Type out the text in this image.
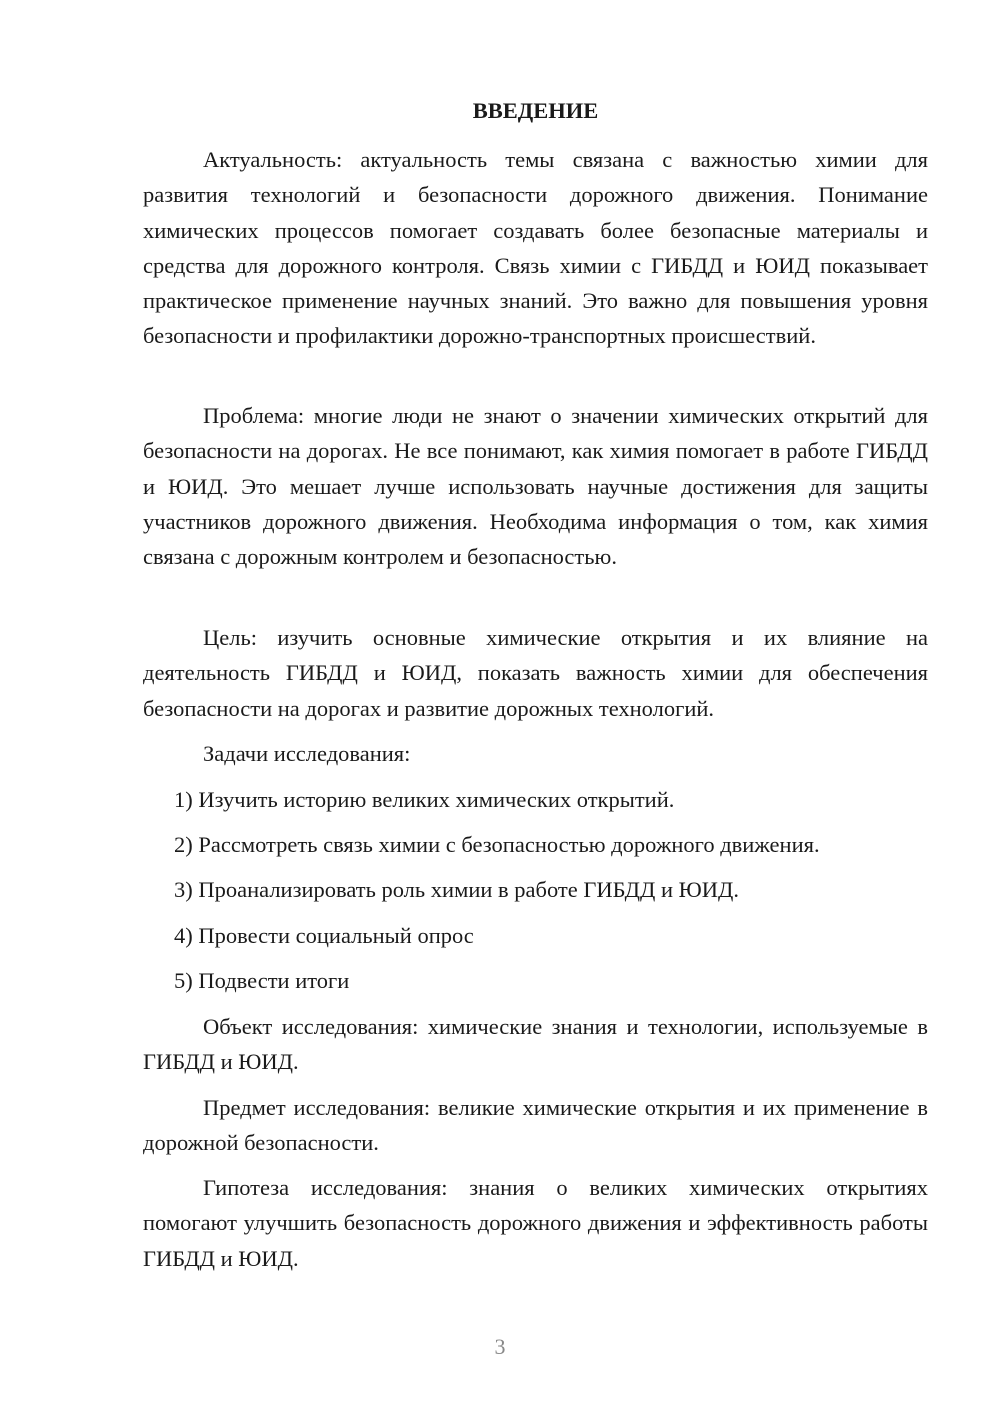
ВВЕДЕНИЕ

Актуальность: актуальность темы связана с важностью химии для развития технологий и безопасности дорожного движения. Понимание химических процессов помогает создавать более безопасные материалы и средства для дорожного контроля. Связь химии с ГИБДД и ЮИД показывает практическое применение научных знаний. Это важно для повышения уровня безопасности и профилактики дорожно-транспортных происшествий.

Проблема: многие люди не знают о значении химических открытий для безопасности на дорогах. Не все понимают, как химия помогает в работе ГИБДД и ЮИД. Это мешает лучше использовать научные достижения для защиты участников дорожного движения. Необходима информация о том, как химия связана с дорожным контролем и безопасностью.

Цель: изучить основные химические открытия и их влияние на деятельность ГИБДД и ЮИД, показать важность химии для обеспечения безопасности на дорогах и развитие дорожных технологий.

Задачи исследования:

1) Изучить историю великих химических открытий.

2) Рассмотреть связь химии с безопасностью дорожного движения.

3) Проанализировать роль химии в работе ГИБДД и ЮИД.

4) Провести социальный опрос

5) Подвести итоги

Объект исследования: химические знания и технологии, используемые в ГИБДД и ЮИД.

Предмет исследования: великие химические открытия и их применение в дорожной безопасности.

Гипотеза исследования: знания о великих химических открытиях помогают улучшить безопасность дорожного движения и эффективность работы ГИБДД и ЮИД.

3
